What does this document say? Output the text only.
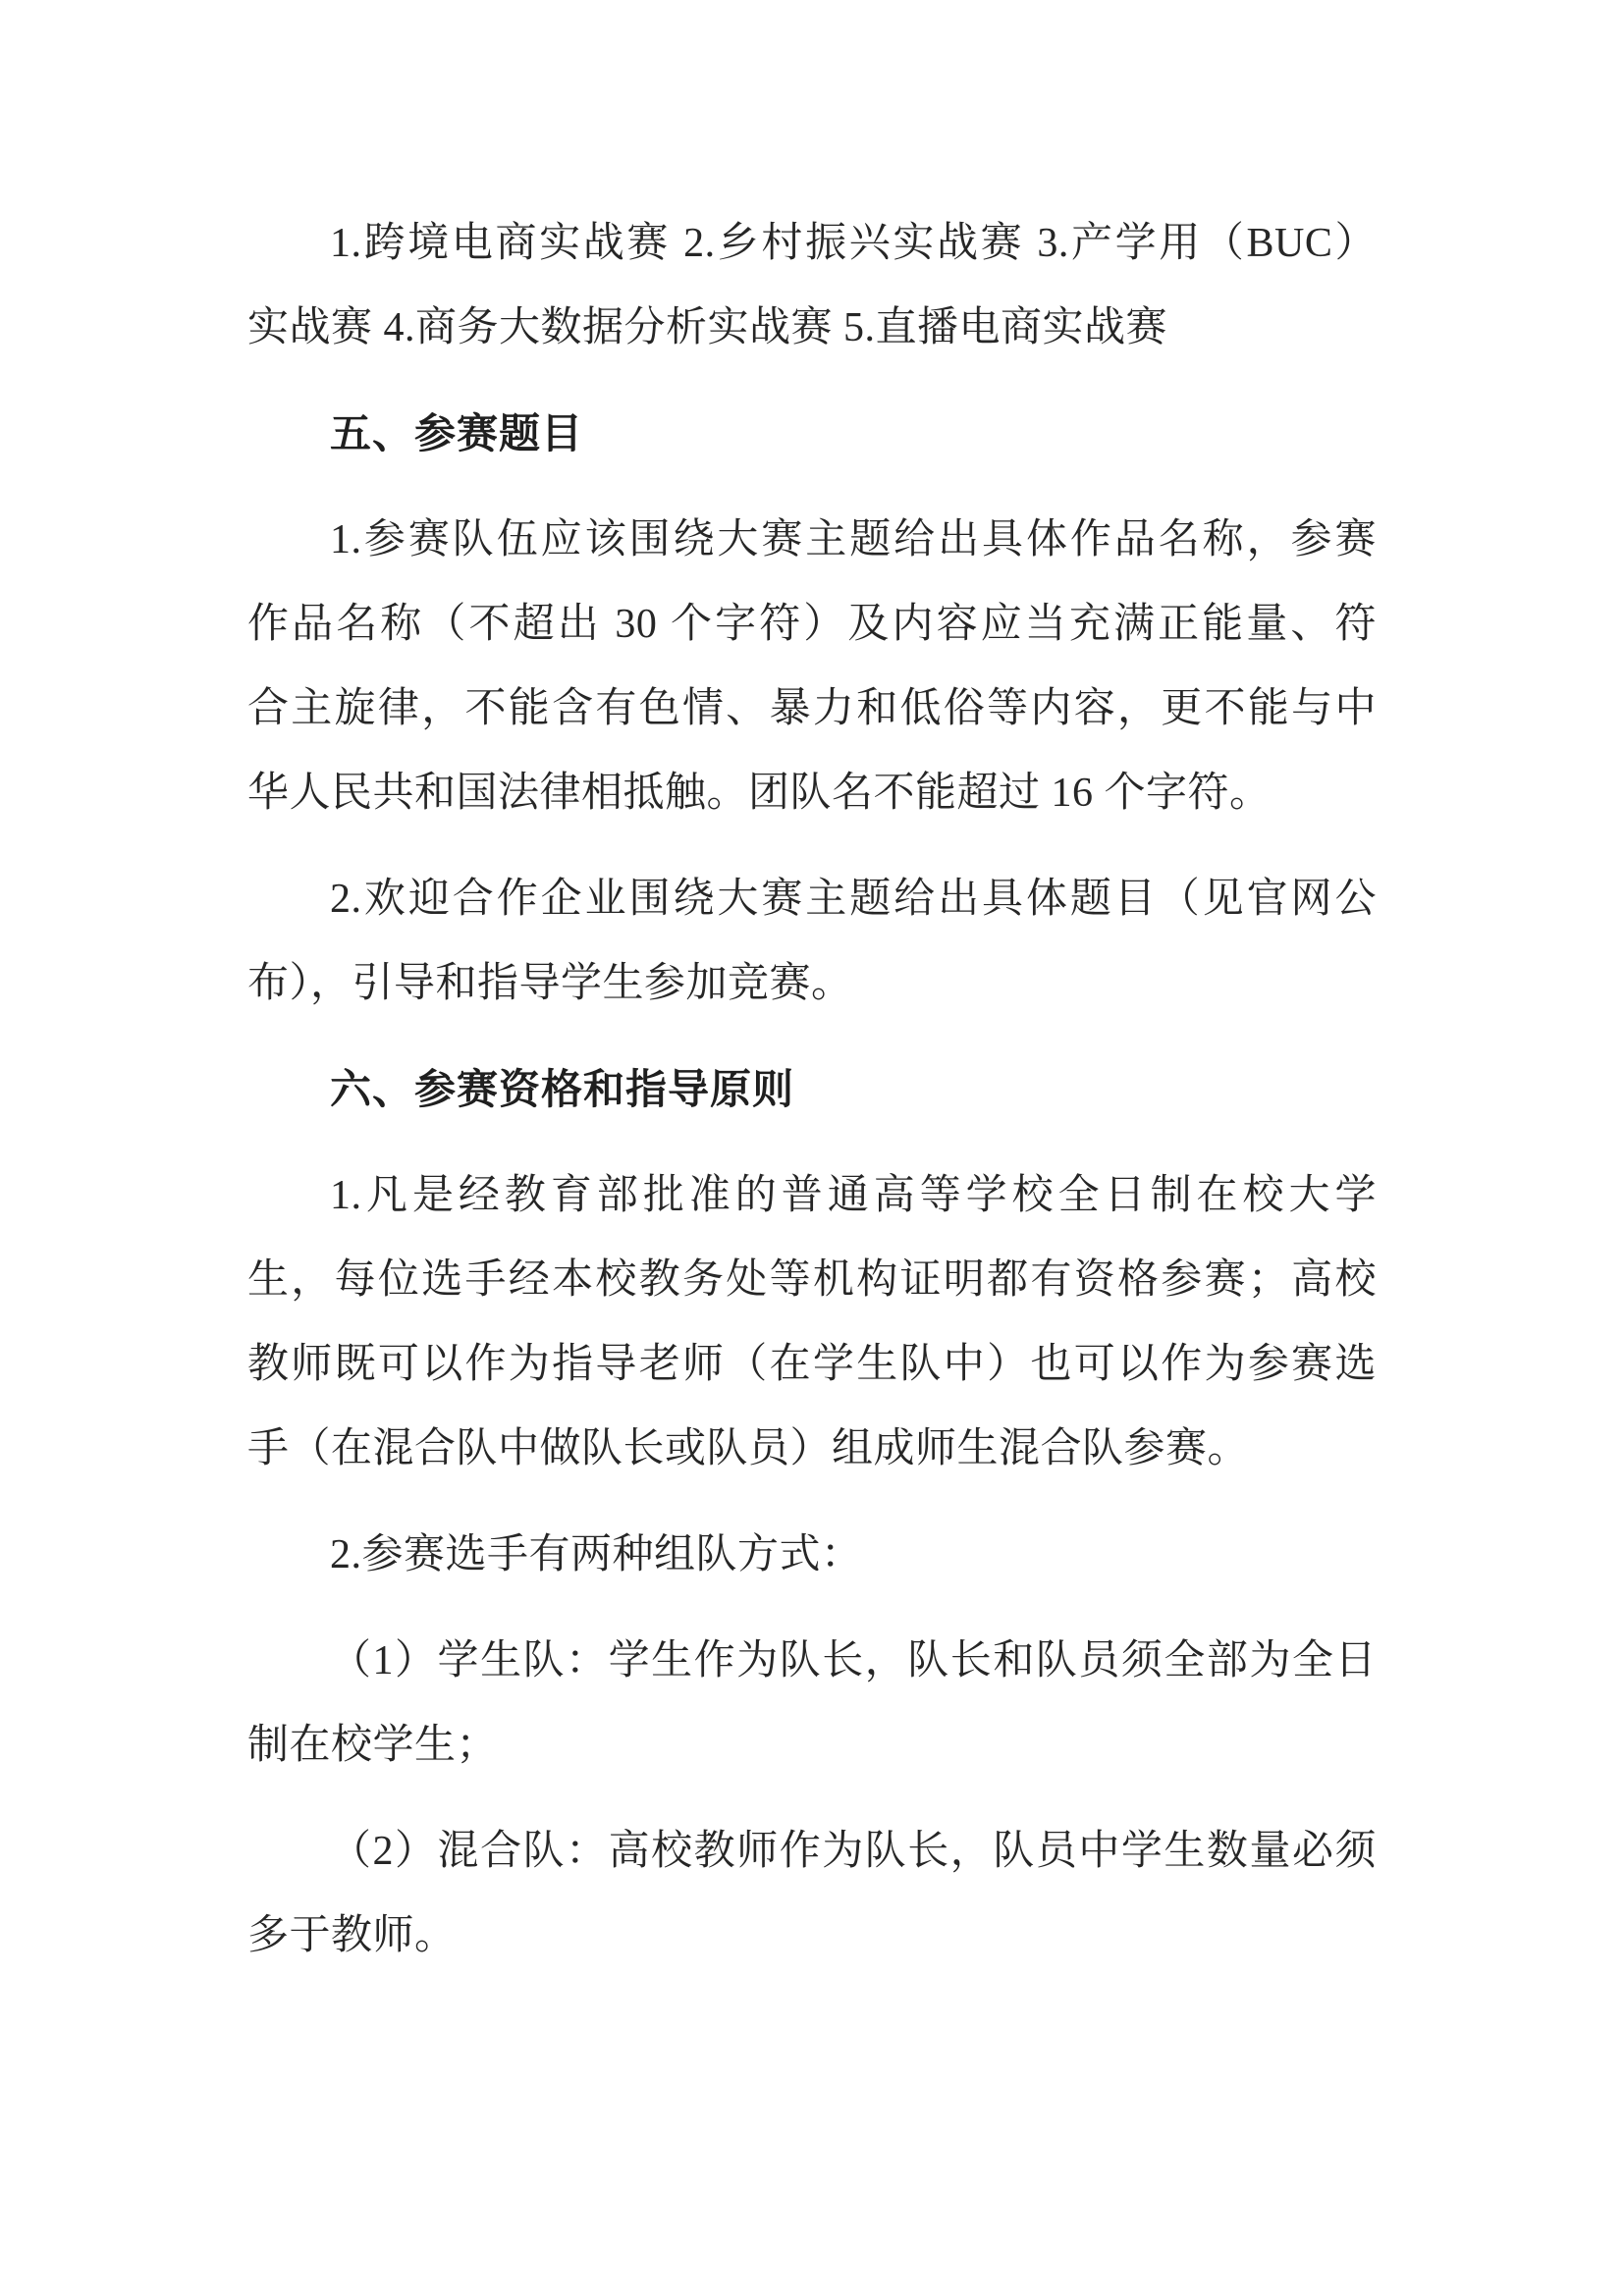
1.跨境电商实战赛 2.乡村振兴实战赛 3.产学用（BUC）
实战赛 4.商务大数据分析实战赛 5.直播电商实战赛
五、参赛题目
1.参赛队伍应该围绕大赛主题给出具体作品名称，参赛
作品名称（不超出 30 个字符）及内容应当充满正能量、符
合主旋律，不能含有色情、暴力和低俗等内容，更不能与中
华人民共和国法律相抵触。团队名不能超过 16 个字符。
2.欢迎合作企业围绕大赛主题给出具体题目（见官网公
布），引导和指导学生参加竞赛。
六、参赛资格和指导原则
1.凡是经教育部批准的普通高等学校全日制在校大学
生，每位选手经本校教务处等机构证明都有资格参赛；高校
教师既可以作为指导老师（在学生队中）也可以作为参赛选
手（在混合队中做队长或队员）组成师生混合队参赛。
2.参赛选手有两种组队方式：
（1）学生队：学生作为队长，队长和队员须全部为全日
制在校学生；
（2）混合队：高校教师作为队长，队员中学生数量必须
多于教师。
